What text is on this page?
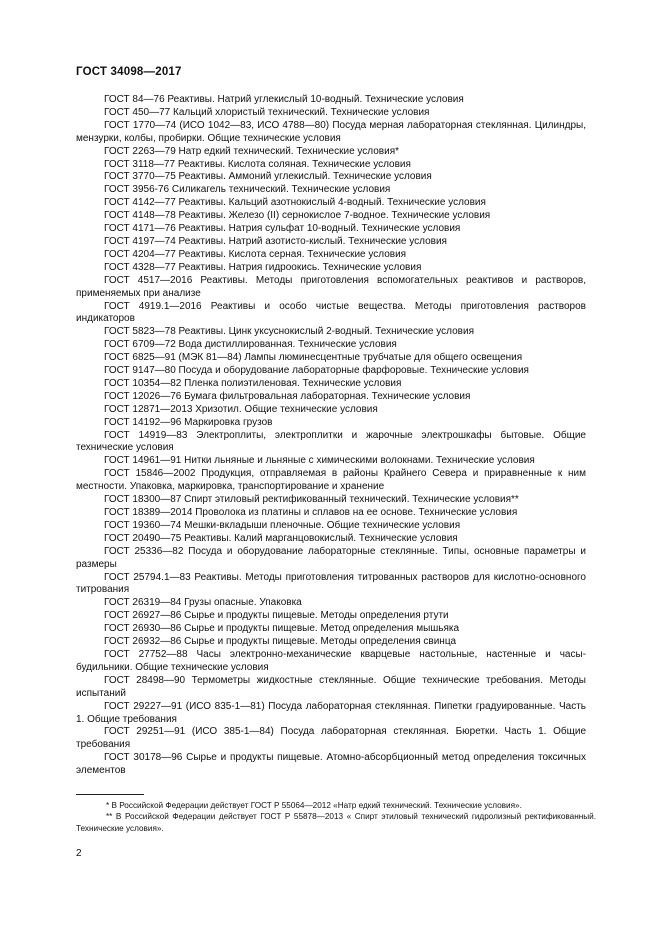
ГОСТ 34098—2017

ГОСТ 84—76 Реактивы. Натрий углекислый 10-водный. Технические условия

ГОСТ 450—77 Кальций хлористый технический. Технические условия

ГОСТ 1770—74 (ИСО 1042—83, ИСО 4788—80) Посуда мерная лабораторная стеклянная. Цилиндры, мензурки, колбы, пробирки. Общие технические условия

ГОСТ 2263—79 Натр едкий технический. Технические условия*

ГОСТ 3118—77 Реактивы. Кислота соляная. Технические условия

ГОСТ 3770—75 Реактивы. Аммоний углекислый. Технические условия

ГОСТ 3956-76 Силикагель технический. Технические условия

ГОСТ 4142—77 Реактивы. Кальций азотнокислый 4-водный. Технические условия

ГОСТ 4148—78 Реактивы. Железо (II) сернокислое 7-водное. Технические условия

ГОСТ 4171—76 Реактивы. Натрия сульфат 10-водный. Технические условия

ГОСТ 4197—74 Реактивы. Натрий азотисто-кислый. Технические условия

ГОСТ 4204—77 Реактивы. Кислота серная. Технические условия

ГОСТ 4328—77 Реактивы. Натрия гидроокись. Технические условия

ГОСТ 4517—2016 Реактивы. Методы приготовления вспомогательных реактивов и растворов, применяемых при анализе

ГОСТ 4919.1—2016 Реактивы и особо чистые вещества. Методы приготовления растворов индикаторов

ГОСТ 5823—78 Реактивы. Цинк уксуснокислый 2-водный. Технические условия

ГОСТ 6709—72 Вода дистиллированная. Технические условия

ГОСТ 6825—91 (МЭК 81—84) Лампы люминесцентные трубчатые для общего освещения

ГОСТ 9147—80 Посуда и оборудование лабораторные фарфоровые. Технические условия

ГОСТ 10354—82 Пленка полиэтиленовая. Технические условия

ГОСТ 12026—76 Бумага фильтровальная лабораторная. Технические условия

ГОСТ 12871—2013 Хризотил. Общие технические условия

ГОСТ 14192—96 Маркировка грузов

ГОСТ 14919—83 Электроплиты, электроплитки и жарочные электрошкафы бытовые. Общие технические условия

ГОСТ 14961—91 Нитки льняные и льняные с химическими волокнами. Технические условия

ГОСТ 15846—2002 Продукция, отправляемая в районы Крайнего Севера и приравненные к ним местности. Упаковка, маркировка, транспортирование и хранение

ГОСТ 18300—87 Спирт этиловый ректификованный технический. Технические условия**

ГОСТ 18389—2014 Проволока из платины и сплавов на ее основе. Технические условия

ГОСТ 19360—74 Мешки-вкладыши пленочные. Общие технические условия

ГОСТ 20490—75 Реактивы. Калий марганцовокислый. Технические условия

ГОСТ 25336—82 Посуда и оборудование лабораторные стеклянные. Типы, основные параметры и размеры

ГОСТ 25794.1—83 Реактивы. Методы приготовления титрованных растворов для кислотно-основного титрования

ГОСТ 26319—84 Грузы опасные. Упаковка

ГОСТ 26927—86 Сырье и продукты пищевые. Методы определения ртути

ГОСТ 26930—86 Сырье и продукты пищевые. Метод определения мышьяка

ГОСТ 26932—86 Сырье и продукты пищевые. Методы определения свинца

ГОСТ 27752—88 Часы электронно-механические кварцевые настольные, настенные и часы-будильники. Общие технические условия

ГОСТ 28498—90 Термометры жидкостные стеклянные. Общие технические требования. Методы испытаний

ГОСТ 29227—91 (ИСО 835-1—81) Посуда лабораторная стеклянная. Пипетки градуированные. Часть 1. Общие требования

ГОСТ 29251—91 (ИСО 385-1—84) Посуда лабораторная стеклянная. Бюретки. Часть 1. Общие требования

ГОСТ 30178—96 Сырье и продукты пищевые. Атомно-абсорбционный метод определения токсичных элементов

* В Российской Федерации действует ГОСТ Р 55064—2012 «Натр едкий технический. Технические условия».

** В Российской Федерации действует ГОСТ Р 55878—2013 « Спирт этиловый технический гидролизный ректификованный. Технические условия».

2
